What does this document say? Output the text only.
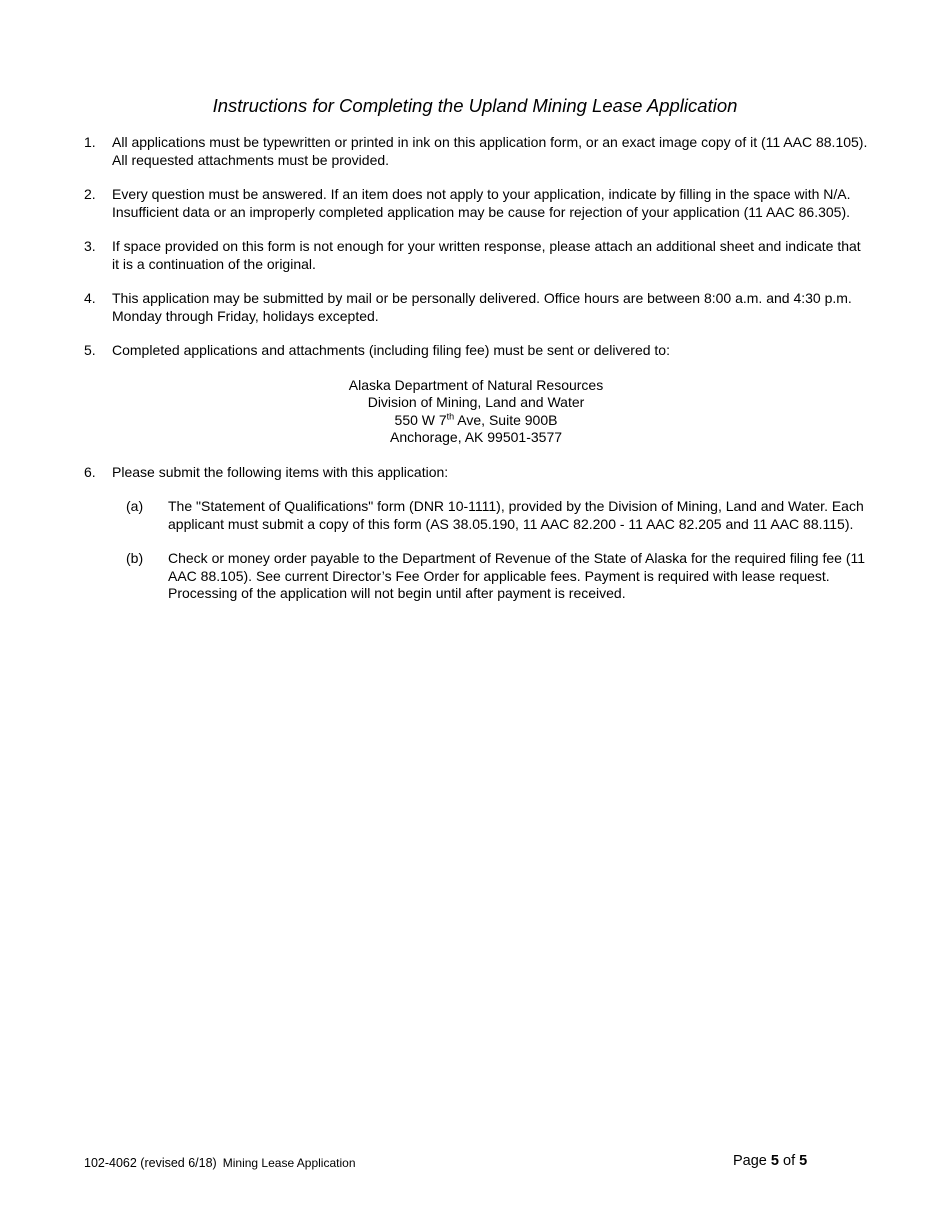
Instructions for Completing the Upland Mining Lease Application
1. All applications must be typewritten or printed in ink on this application form, or an exact image copy of it (11 AAC 88.105). All requested attachments must be provided.
2. Every question must be answered. If an item does not apply to your application, indicate by filling in the space with N/A. Insufficient data or an improperly completed application may be cause for rejection of your application (11 AAC 86.305).
3. If space provided on this form is not enough for your written response, please attach an additional sheet and indicate that it is a continuation of the original.
4. This application may be submitted by mail or be personally delivered. Office hours are between 8:00 a.m. and 4:30 p.m. Monday through Friday, holidays excepted.
5. Completed applications and attachments (including filing fee) must be sent or delivered to:
Alaska Department of Natural Resources
Division of Mining, Land and Water
550 W 7th Ave, Suite 900B
Anchorage, AK 99501-3577
6. Please submit the following items with this application:
(a) The "Statement of Qualifications" form (DNR 10-1111), provided by the Division of Mining, Land and Water. Each applicant must submit a copy of this form (AS 38.05.190, 11 AAC 82.200 - 11 AAC 82.205 and 11 AAC 88.115).
(b) Check or money order payable to the Department of Revenue of the State of Alaska for the required filing fee (11 AAC 88.105). See current Director’s Fee Order for applicable fees. Payment is required with lease request. Processing of the application will not begin until after payment is received.
102-4062 (revised 6/18) Mining Lease Application	Page 5 of 5
